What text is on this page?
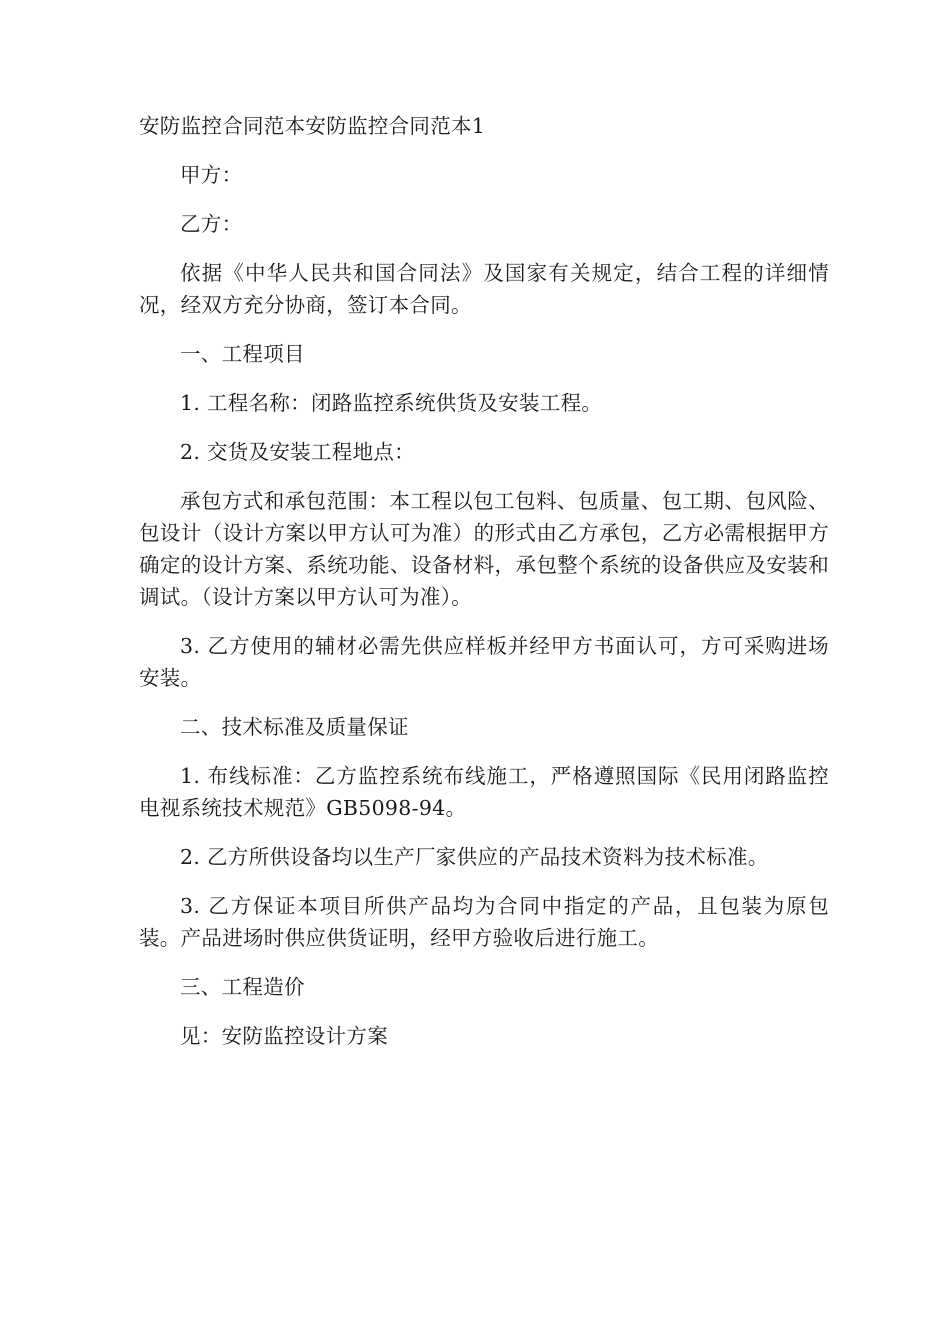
安防监控合同范本安防监控合同范本1

甲方：

乙方：

依据《中华人民共和国合同法》及国家有关规定，结合工程的详细情况，经双方充分协商，签订本合同。

一、工程项目

1. 工程名称：闭路监控系统供货及安装工程。

2. 交货及安装工程地点：

承包方式和承包范围：本工程以包工包料、包质量、包工期、包风险、包设计（设计方案以甲方认可为准）的形式由乙方承包，乙方必需根据甲方确定的设计方案、系统功能、设备材料，承包整个系统的设备供应及安装和调试。（设计方案以甲方认可为准）。

3. 乙方使用的辅材必需先供应样板并经甲方书面认可，方可采购进场安装。

二、技术标准及质量保证

1. 布线标准：乙方监控系统布线施工，严格遵照国际《民用闭路监控电视系统技术规范》GB5098-94。

2. 乙方所供设备均以生产厂家供应的产品技术资料为技术标准。

3. 乙方保证本项目所供产品均为合同中指定的产品，且包装为原包装。产品进场时供应供货证明，经甲方验收后进行施工。

三、工程造价

见：安防监控设计方案
